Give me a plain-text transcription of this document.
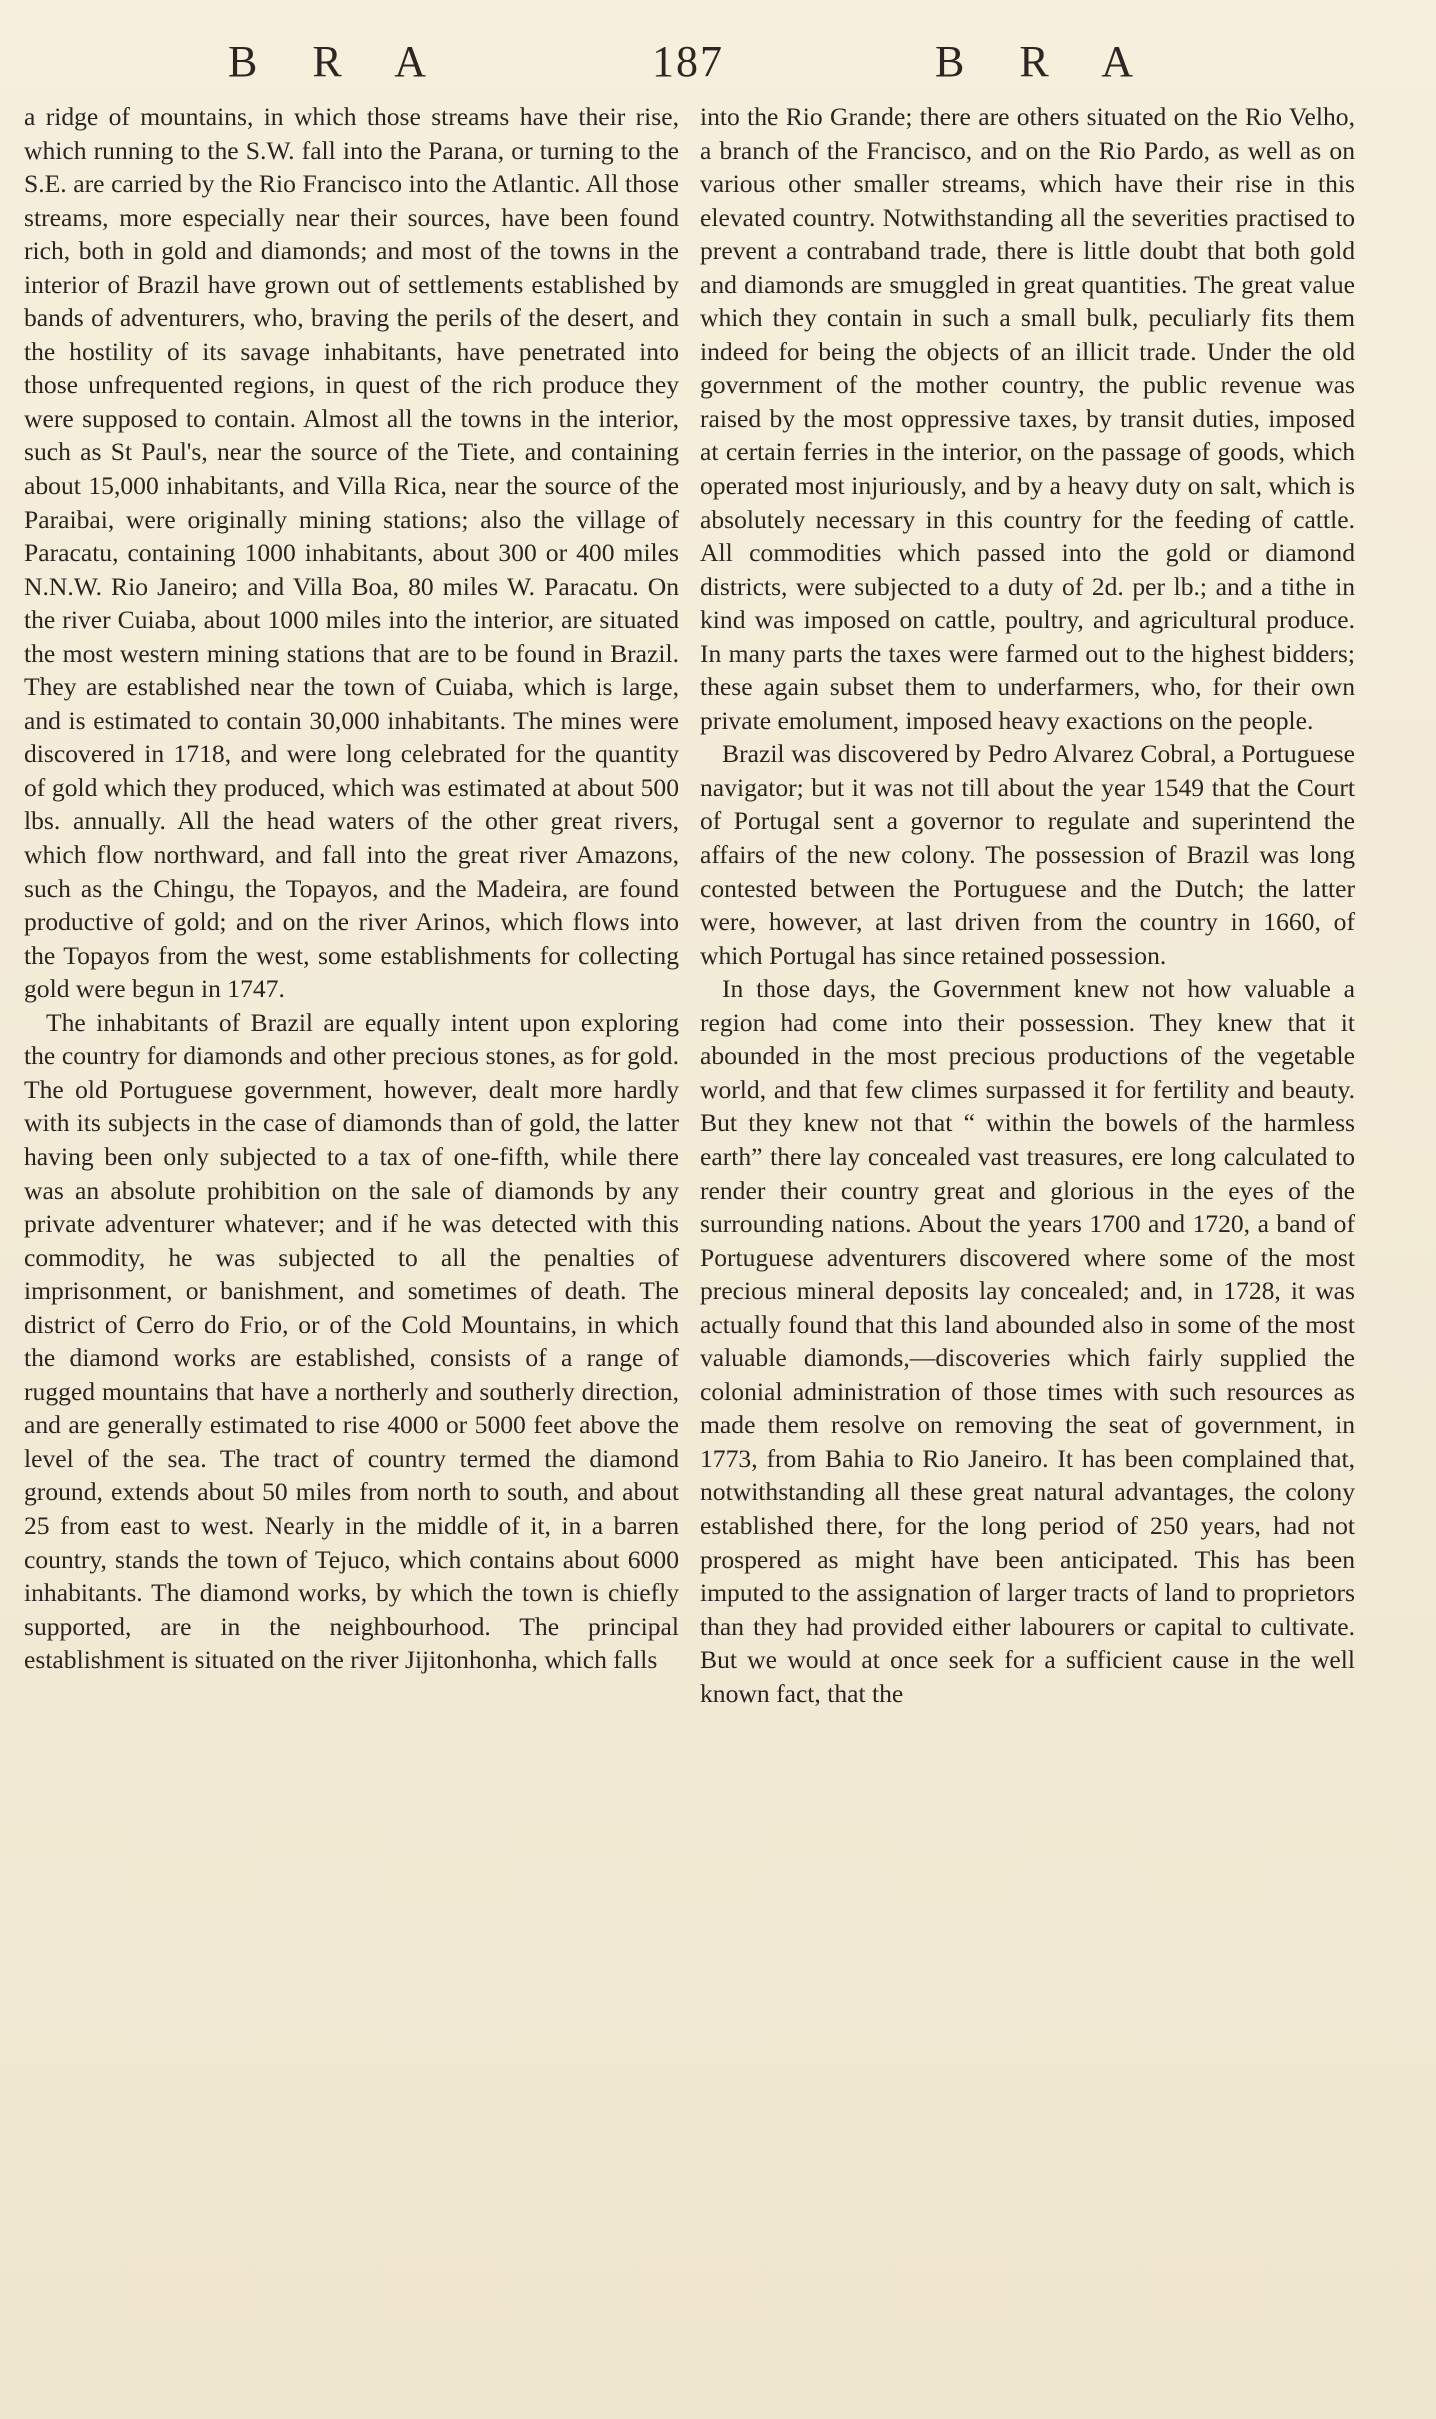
B R A	187	B R A

a ridge of mountains, in which those streams have their rise, which running to the S.W. fall into the Parana, or turning to the S.E. are carried by the Rio Francisco into the Atlantic. All those streams, more especially near their sources, have been found rich, both in gold and diamonds; and most of the towns in the interior of Brazil have grown out of settlements established by bands of adventurers, who, braving the perils of the desert, and the hostility of its savage inhabitants, have penetrated into those unfrequented regions, in quest of the rich produce they were supposed to contain. Almost all the towns in the interior, such as St Paul's, near the source of the Tiete, and containing about 15,000 inhabitants, and Villa Rica, near the source of the Paraibai, were originally mining stations; also the village of Paracatu, containing 1000 inhabitants, about 300 or 400 miles N.N.W. Rio Janeiro; and Villa Boa, 80 miles W. Paracatu. On the river Cuiaba, about 1000 miles into the interior, are situated the most western mining stations that are to be found in Brazil. They are established near the town of Cuiaba, which is large, and is estimated to contain 30,000 inhabitants. The mines were discovered in 1718, and were long celebrated for the quantity of gold which they produced, which was estimated at about 500 lbs. annually. All the head waters of the other great rivers, which flow northward, and fall into the great river Amazons, such as the Chingu, the Topayos, and the Madeira, are found productive of gold; and on the river Arinos, which flows into the Topayos from the west, some establishments for collecting gold were begun in 1747.

The inhabitants of Brazil are equally intent upon exploring the country for diamonds and other precious stones, as for gold. The old Portuguese government, however, dealt more hardly with its subjects in the case of diamonds than of gold, the latter having been only subjected to a tax of one-fifth, while there was an absolute prohibition on the sale of diamonds by any private adventurer whatever; and if he was detected with this commodity, he was subjected to all the penalties of imprisonment, or banishment, and sometimes of death. The district of Cerro do Frio, or of the Cold Mountains, in which the diamond works are established, consists of a range of rugged mountains that have a northerly and southerly direction, and are generally estimated to rise 4000 or 5000 feet above the level of the sea. The tract of country termed the diamond ground, extends about 50 miles from north to south, and about 25 from east to west. Nearly in the middle of it, in a barren country, stands the town of Tejuco, which contains about 6000 inhabitants. The diamond works, by which the town is chiefly supported, are in the neighbourhood. The principal establishment is situated on the river Jijitonhonha, which falls

into the Rio Grande; there are others situated on the Rio Velho, a branch of the Francisco, and on the Rio Pardo, as well as on various other smaller streams, which have their rise in this elevated country. Notwithstanding all the severities practised to prevent a contraband trade, there is little doubt that both gold and diamonds are smuggled in great quantities. The great value which they contain in such a small bulk, peculiarly fits them indeed for being the objects of an illicit trade. Under the old government of the mother country, the public revenue was raised by the most oppressive taxes, by transit duties, imposed at certain ferries in the interior, on the passage of goods, which operated most injuriously, and by a heavy duty on salt, which is absolutely necessary in this country for the feeding of cattle. All commodities which passed into the gold or diamond districts, were subjected to a duty of 2d. per lb.; and a tithe in kind was imposed on cattle, poultry, and agricultural produce. In many parts the taxes were farmed out to the highest bidders; these again subset them to underfarmers, who, for their own private emolument, imposed heavy exactions on the people.

Brazil was discovered by Pedro Alvarez Cobral, a Portuguese navigator; but it was not till about the year 1549 that the Court of Portugal sent a governor to regulate and superintend the affairs of the new colony. The possession of Brazil was long contested between the Portuguese and the Dutch; the latter were, however, at last driven from the country in 1660, of which Portugal has since retained possession.

In those days, the Government knew not how valuable a region had come into their possession. They knew that it abounded in the most precious productions of the vegetable world, and that few climes surpassed it for fertility and beauty. But they knew not that “ within the bowels of the harmless earth” there lay concealed vast treasures, ere long calculated to render their country great and glorious in the eyes of the surrounding nations. About the years 1700 and 1720, a band of Portuguese adventurers discovered where some of the most precious mineral deposits lay concealed; and, in 1728, it was actually found that this land abounded also in some of the most valuable diamonds,—discoveries which fairly supplied the colonial administration of those times with such resources as made them resolve on removing the seat of government, in 1773, from Bahia to Rio Janeiro. It has been complained that, notwithstanding all these great natural advantages, the colony established there, for the long period of 250 years, had not prospered as might have been anticipated. This has been imputed to the assignation of larger tracts of land to proprietors than they had provided either labourers or capital to cultivate. But we would at once seek for a sufficient cause in the well known fact, that the
